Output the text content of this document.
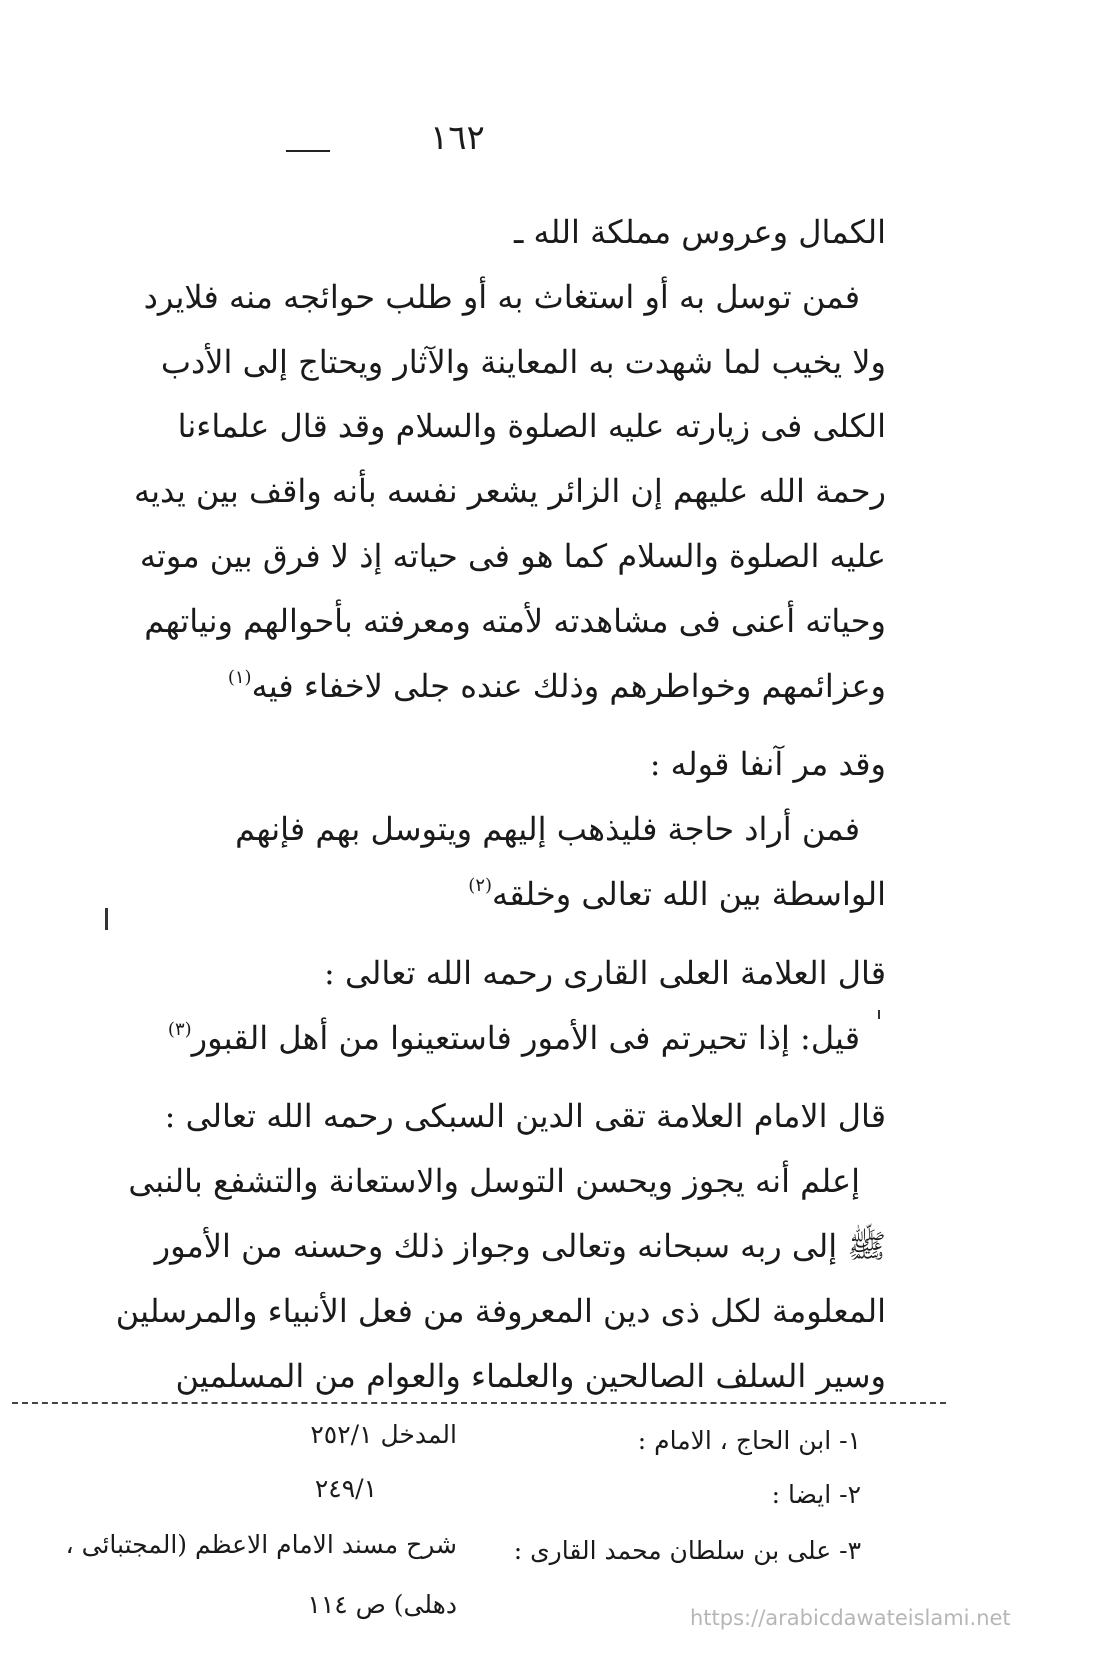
١٦٢
الكمال وعروس مملكة الله ـ
فمن توسل به أو استغاث به أو طلب حوائجه منه فلايرد
ولا يخيب لما شهدت به المعاينة والآثار ويحتاج إلى الأدب
الكلى فى زيارته عليه الصلوة والسلام وقد قال علماءنا
رحمة الله عليهم إن الزائر يشعر نفسه بأنه واقف بين يديه
عليه الصلوة والسلام كما هو فى حياته إذ لا فرق بين موته
وحياته أعنى فى مشاهدته لأمته ومعرفته بأحوالهم ونياتهم
وعزائمهم وخواطرهم وذلك عنده جلى لاخفاء فيه$^{(١)}$
وقد مر آنفا قوله :
فمن أراد حاجة فليذهب إليهم ويتوسل بهم فإنهم
الواسطة بين الله تعالى وخلقه$^{(٢)}$
قال العلامة العلى القارى رحمه الله تعالى :
قيل: إذا تحيرتم فى الأمور فاستعينوا من أهل القبور$^{(٣)}$
قال الامام العلامة تقى الدين السبكى رحمه الله تعالى :
إعلم أنه يجوز ويحسن التوسل والاستعانة والتشفع بالنبى
ﷺ إلى ربه سبحانه وتعالى وجواز ذلك وحسنه من الأمور
المعلومة لكل ذى دين المعروفة من فعل الأنبياء والمرسلين
وسير السلف الصالحين والعلماء والعوام من المسلمين
١- ابن الحاج ، الامام :
المدخل ٢٥٢/١
٢- ايضا :
٢٤٩/١
٣- على بن سلطان محمد القارى :
شرح مسند الامام الاعظم (المجتبائى ،
دهلى) ص ١١٤	https://arabicdawateislami.net
